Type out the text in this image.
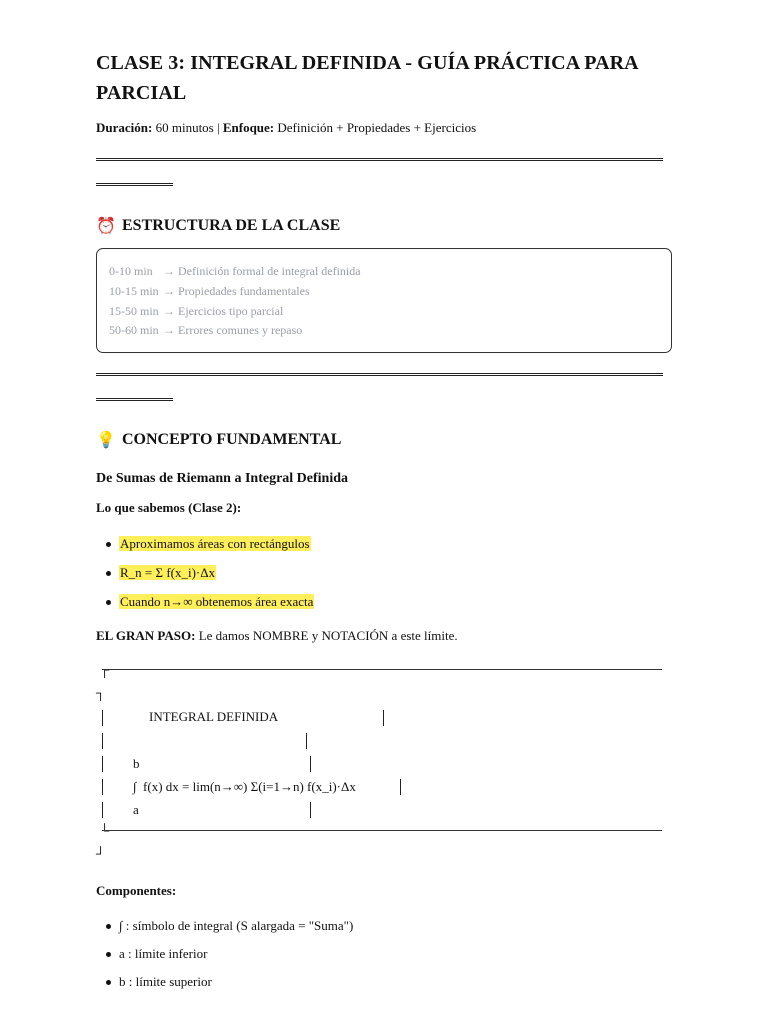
CLASE 3: INTEGRAL DEFINIDA - GUÍA PRÁCTICA PARA PARCIAL
Duración: 60 minutos | Enfoque: Definición + Propiedades + Ejercicios
⏰ ESTRUCTURA DE LA CLASE
0-10 min → Definición formal de integral definida
10-15 min → Propiedades fundamentales
15-50 min → Ejercicios tipo parcial
50-60 min → Errores comunes y repaso
💡 CONCEPTO FUNDAMENTAL
De Sumas de Riemann a Integral Definida

Lo que sabemos (Clase 2):

Aproximamos áreas con rectángulos
R_n = Σ f(x_i)·Δx
Cuando n→∞ obtenemos área exacta

EL GRAN PASO: Le damos NOMBRE y NOTACIÓN a este límite.

┌
┐
INTEGRAL DEFINIDA
b
∫  f(x) dx = lim(n→∞) Σ(i=1→n) f(x_i)·Δx
a
└
┘

Componentes:

∫ : símbolo de integral (S alargada = "Suma")
a : límite inferior
b : límite superior
